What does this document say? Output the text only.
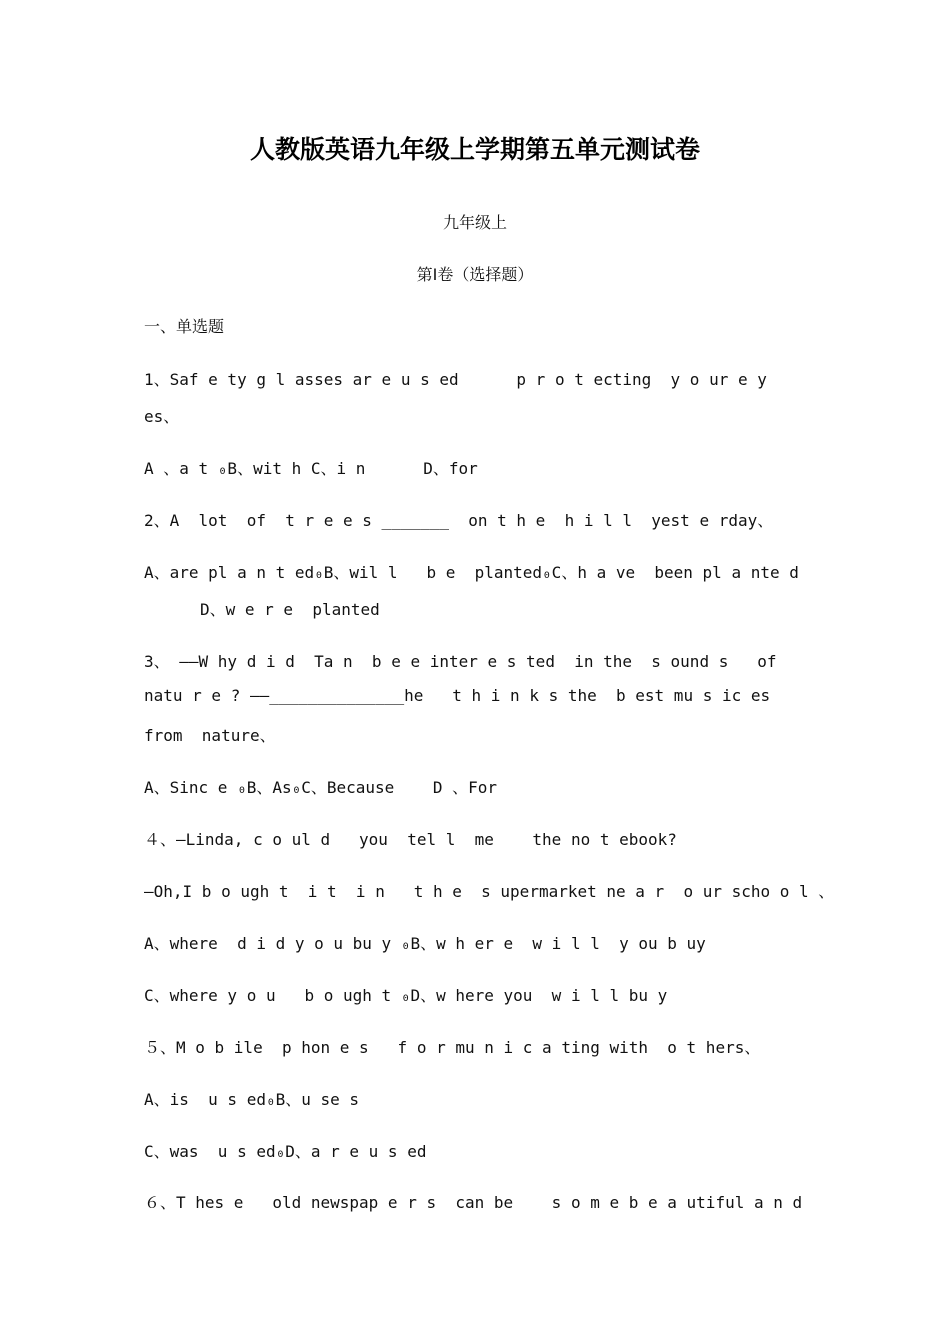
人教版英语九年级上学期第五单元测试卷
九年级上
第Ⅰ卷（选择题）
一、单选题
1、Saf e ty g l asses ar e u s ed      p r o t ecting  y o ur e y
es、
A 、a t ₀B、wit h C、i n      D、for
2、A  lot  of  t r e e s _______  on t h e  h i l l  yest e rday、
A、are pl a n t ed₀B、wil l   b e  planted₀C、h a ve  been pl a nte d
D、w e r e  planted
3、 ——W hy d i d  Ta n  b e e inter e s ted  in the  s ound s   of
natu r e ? ——______________he   t h i n k s the  b est mu s ic es
from  nature、
A、Sinc e ₀B、As₀C、Because    D 、For
４、—Linda, c o ul d   you  tel l  me    the no t ebook?
—Oh,I b o ugh t  i t  i n   t h e  s upermarket ne a r  o ur scho o l 、
A、where  d i d y o u bu y ₀B、w h er e  w i l l  y ou b uy
C、where y o u   b o ugh t ₀D、w here you  w i l l bu y
５、M o b ile  p hon e s   f o r mu n i c a ting with  o t hers、
A、is  u s ed₀B、u se s
C、was  u s ed₀D、a r e u s ed
６、T hes e   old newspap e r s  can be    s o m e b e a utiful a n d
